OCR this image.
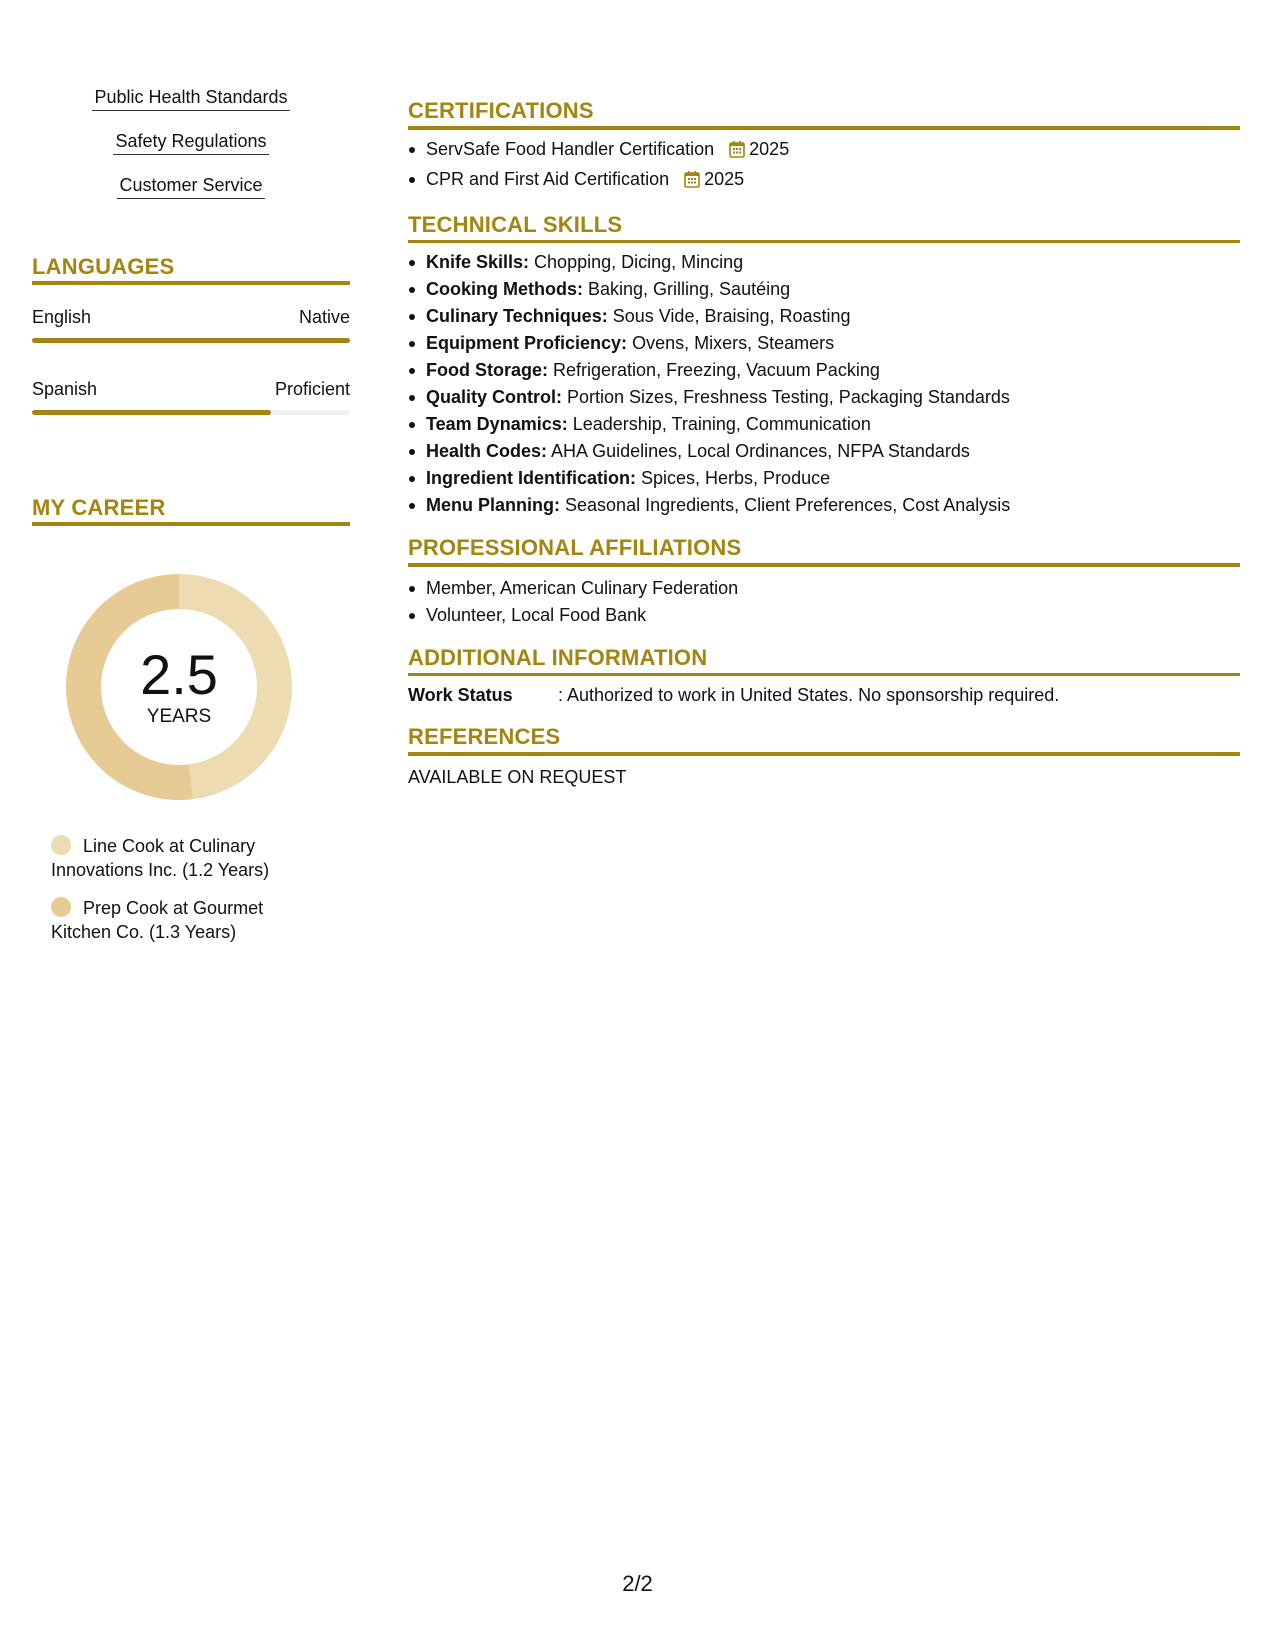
Public Health Standards
Safety Regulations
Customer Service
LANGUAGES
English	Native
Spanish	Proficient
MY CAREER
2.5
YEARS
Line Cook at Culinary Innovations Inc. (1.2 Years)
Prep Cook at Gourmet Kitchen Co. (1.3 Years)
CERTIFICATIONS
ServSafe Food Handler Certification 2025
CPR and First Aid Certification 2025
TECHNICAL SKILLS
Knife Skills: Chopping, Dicing, Mincing
Cooking Methods: Baking, Grilling, Sautéing
Culinary Techniques: Sous Vide, Braising, Roasting
Equipment Proficiency: Ovens, Mixers, Steamers
Food Storage: Refrigeration, Freezing, Vacuum Packing
Quality Control: Portion Sizes, Freshness Testing, Packaging Standards
Team Dynamics: Leadership, Training, Communication
Health Codes: AHA Guidelines, Local Ordinances, NFPA Standards
Ingredient Identification: Spices, Herbs, Produce
Menu Planning: Seasonal Ingredients, Client Preferences, Cost Analysis
PROFESSIONAL AFFILIATIONS
Member, American Culinary Federation
Volunteer, Local Food Bank
ADDITIONAL INFORMATION
Work Status	: Authorized to work in United States. No sponsorship required.
REFERENCES
AVAILABLE ON REQUEST
2/2
